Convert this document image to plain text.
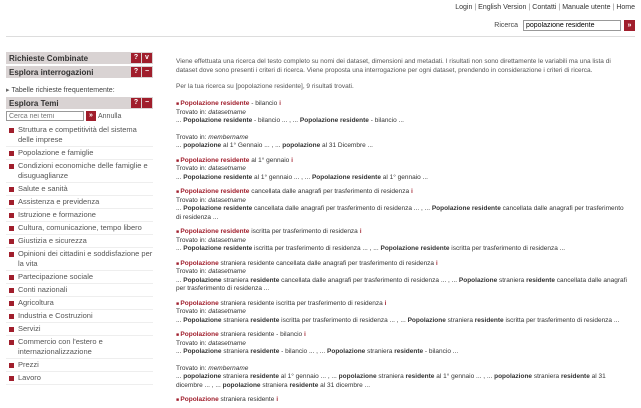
Login | English Version | Contatti | Manuale utente | Home
Ricerca
popolazione residente	»
Richieste Combinate	? v
Esplora interrogazioni	? −
▸ Tabelle richieste frequentemente:
Esplora Temi	? −
Cerca nei temi
» Annulla
Struttura e competitività del sistema delle imprese
Popolazione e famiglie
Condizioni economiche delle famiglie e disuguaglianze
Salute e sanità
Assistenza e previdenza
Istruzione e formazione
Cultura, comunicazione, tempo libero
Giustizia e sicurezza
Opinioni dei cittadini e soddisfazione per la vita
Partecipazione sociale
Conti nazionali
Agricoltura
Industria e Costruzioni
Servizi
Commercio con l'estero e internazionalizzazione
Prezzi
Lavoro
Viene effettuata una ricerca del testo completo su nomi dei dataset, dimensioni and metadati. I risultati non sono direttamente le variabili ma una lista di dataset dove sono presenti i criteri di ricerca. Viene proposta una interrogazione per ogni dataset, prendendo in considerazione i criteri di ricerca.
Per la tua ricerca su [popolazione residente], 9 risultati trovati.
■ Popolazione residente - bilancio i
Trovato in: datasetname
... Popolazione residente - bilancio ... , ... Popolazione residente - bilancio ...
Trovato in: membername
... popolazione al 1° Gennaio ... , ... popolazione al 31 Dicembre ...
■ Popolazione residente al 1° gennaio i
Trovato in: datasetname
... Popolazione residente al 1° gennaio ... , ... Popolazione residente al 1° gennaio ...
■ Popolazione residente cancellata dalle anagrafi per trasferimento di residenza i
Trovato in: datasetname
... Popolazione residente cancellata dalle anagrafi per trasferimento di residenza ... , ... Popolazione residente cancellata dalle anagrafi per trasferimento di residenza ...
■ Popolazione residente iscritta per trasferimento di residenza i
Trovato in: datasetname
... Popolazione residente iscritta per trasferimento di residenza ... , ... Popolazione residente iscritta per trasferimento di residenza ...
■ Popolazione straniera residente cancellata dalle anagrafi per trasferimento di residenza i
Trovato in: datasetname
... Popolazione straniera residente cancellata dalle anagrafi per trasferimento di residenza ... , ... Popolazione straniera residente cancellata dalle anagrafi per trasferimento di residenza ...
■ Popolazione straniera residente iscritta per trasferimento di residenza i
Trovato in: datasetname
... Popolazione straniera residente iscritta per trasferimento di residenza ... , ... Popolazione straniera residente iscritta per trasferimento di residenza ...
■ Popolazione straniera residente - bilancio i
Trovato in: datasetname
... Popolazione straniera residente - bilancio ... , ... Popolazione straniera residente - bilancio ...
Trovato in: membername
... popolazione straniera residente al 1° gennaio ... , ... popolazione straniera residente al 1° gennaio ... , ... popolazione straniera residente al 31 dicembre ... , ... popolazione straniera residente al 31 dicembre ...
■ Popolazione straniera residente i
